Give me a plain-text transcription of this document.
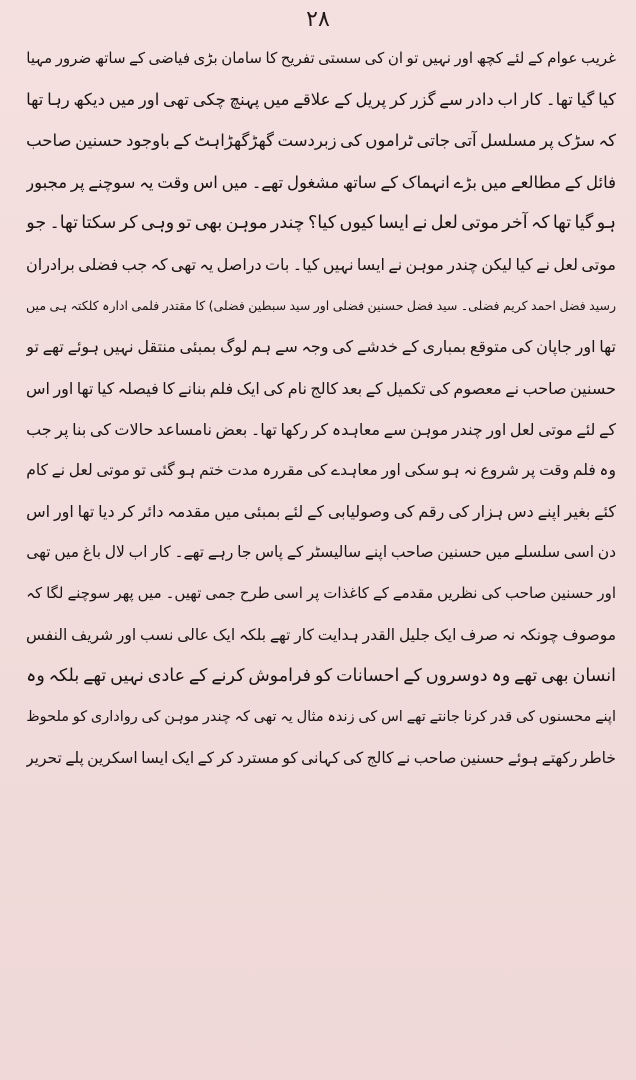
۲۸
غریب
عوام
کے
لئے
کچھ
اور
نہیں
تو
ان
کی
سستی
تفریح
کا
سامان
بڑی
فیاضی
کے
ساتھ
ضرور
مہیا
کیا
گیا
تھا۔
کار
اب
دادر
سے
گزر
کر
پریل
کے
علاقے
میں
پہنچ
چکی
تھی
اور
میں
دیکھ
رہا
تھا
کہ
سڑک
پر
مسلسل
آتی
جاتی
ٹراموں
کی
زبردست
گھڑگھڑاہٹ
کے
باوجود
حسنین
صاحب
فائل
کے
مطالعے
میں
بڑے
انہماک
کے
ساتھ
مشغول
تھے۔
میں
اس
وقت
یہ
سوچنے
پر
مجبور
ہو
گیا
تھا
کہ
آخر
موتی
لعل
نے
ایسا
کیوں
کیا؟
چندر
موہن
بھی
تو
وہی
کر
سکتا
تھا۔
جو
موتی
لعل
نے
کیا
لیکن
چندر
موہن
نے
ایسا
نہیں
کیا۔
بات
دراصل
یہ
تھی
کہ
جب
فضلی
برادران
رسید
فضل
احمد
کریم
فضلی۔
سید
فضل
حسنین
فضلی
اور
سید
سبطین
فضلی)
کا
مقتدر
فلمی
ادارہ
کلکتہ
ہی
میں
تھا
اور
جاپان
کی
متوقع
بمباری
کے
خدشے
کی
وجہ
سے
ہم
لوگ
بمبئی
منتقل
نہیں
ہوئے
تھے
تو
حسنین
صاحب
نے
معصوم
کی
تکمیل
کے
بعد
کالج
نام
کی
ایک
فلم
بنانے
کا
فیصلہ
کیا
تھا
اور
اس
کے
لئے
موتی
لعل
اور
چندر
موہن
سے
معاہدہ
کر
رکھا
تھا۔
بعض
نامساعد
حالات
کی
بنا
پر
جب
وہ
فلم
وقت
پر
شروع
نہ
ہو
سکی
اور
معاہدے
کی
مقررہ
مدت
ختم
ہو
گئی
تو
موتی
لعل
نے
کام
کئے
بغیر
اپنے
دس
ہزار
کی
رقم
کی
وصولیابی
کے
لئے
بمبئی
میں
مقدمہ
دائر
کر
دیا
تھا
اور
اس
دن
اسی
سلسلے
میں
حسنین
صاحب
اپنے
سالیسٹر
کے
پاس
جا
رہے
تھے۔
کار
اب
لال
باغ
میں
تھی
اور
حسنین
صاحب
کی
نظریں
مقدمے
کے
کاغذات
پر
اسی
طرح
جمی
تھیں۔
میں
پھر
سوچنے
لگا
کہ
موصوف
چونکہ
نہ
صرف
ایک
جلیل
القدر
ہدایت
کار
تھے
بلکہ
ایک
عالی
نسب
اور
شریف
النفس
انسان
بھی
تھے
وہ
دوسروں
کے
احسانات
کو
فراموش
کرنے
کے
عادی
نہیں
تھے
بلکہ
وہ
اپنے
محسنوں
کی
قدر
کرنا
جانتے
تھے
اس
کی
زندہ
مثال
یہ
تھی
کہ
چندر
موہن
کی
رواداری
کو
ملحوظ
خاطر
رکھتے
ہوئے
حسنین
صاحب
نے
کالج
کی
کہانی
کو
مسترد
کر
کے
ایک
ایسا
اسکرین
پلے
تحریر
